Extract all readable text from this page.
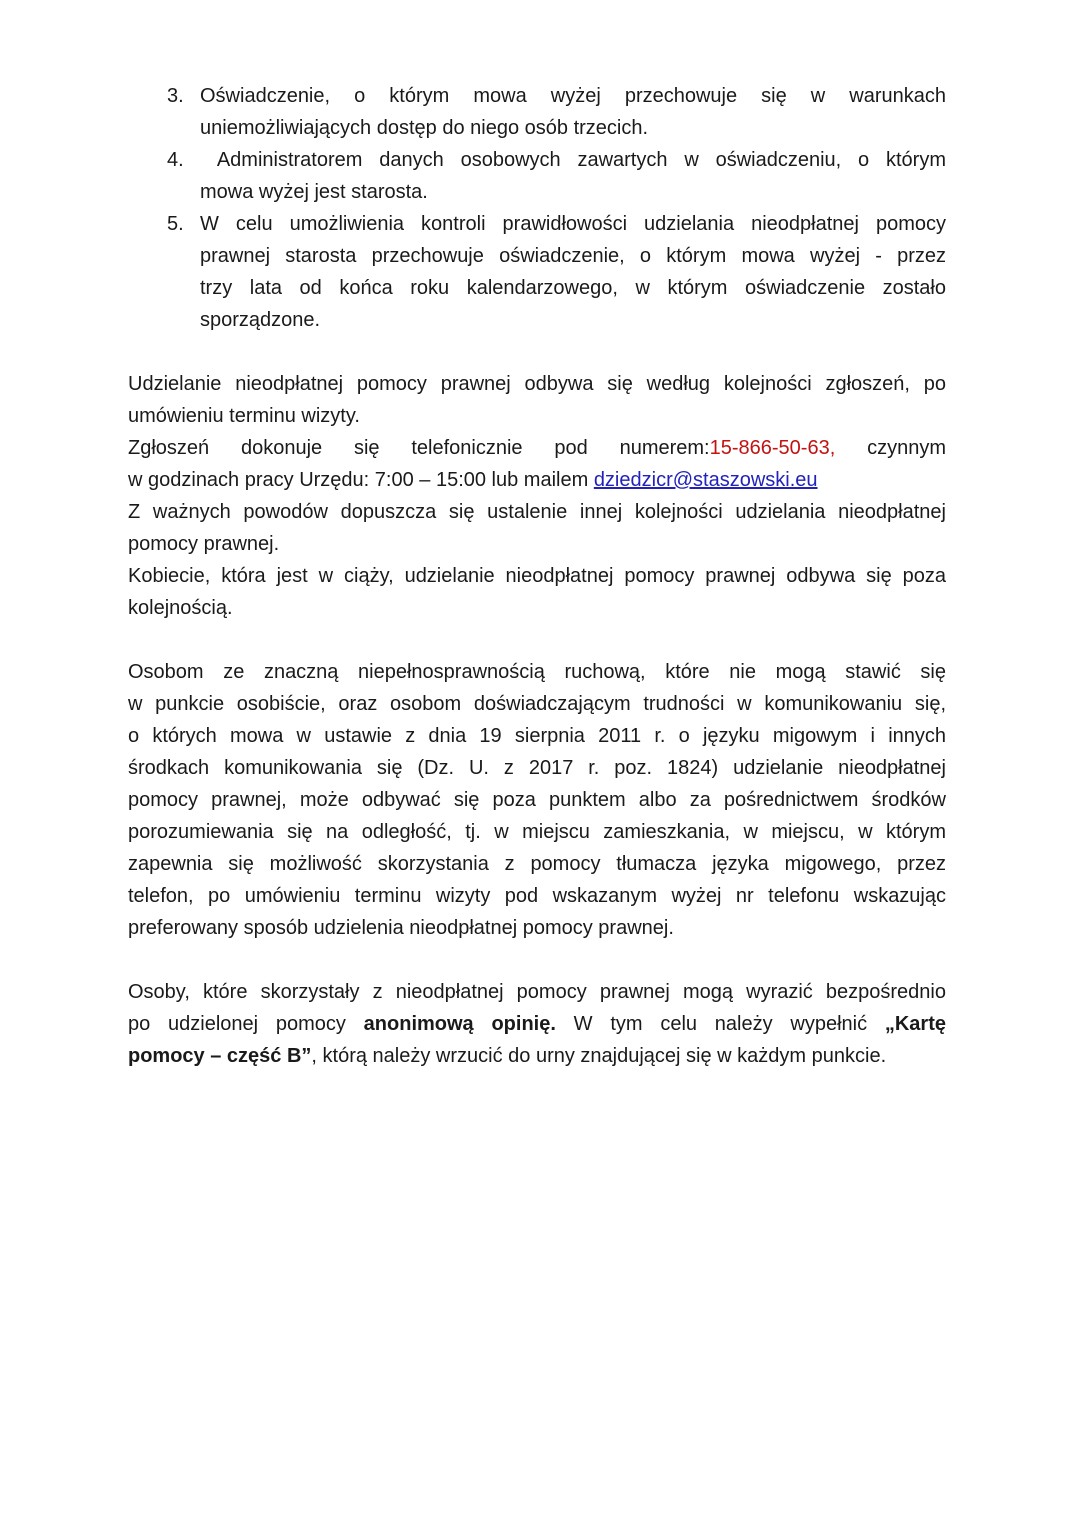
Oświadczenie, o którym mowa wyżej przechowuje się w warunkach
3.
uniemożliwiających dostęp do niego osób trzecich.
Administratorem danych osobowych zawartych w oświadczeniu, o którym
4.
mowa wyżej jest starosta.
W celu umożliwienia kontroli prawidłowości udzielania nieodpłatnej pomocy
5.
prawnej starosta przechowuje oświadczenie, o którym mowa wyżej - przez
trzy lata od końca roku kalendarzowego, w którym oświadczenie zostało
sporządzone.
Udzielanie nieodpłatnej pomocy prawnej odbywa się według kolejności zgłoszeń, po
umówieniu terminu wizyty.
Zgłoszeń dokonuje się telefonicznie pod numerem:15-866-50-63, czynnym
w godzinach pracy Urzędu: 7:00 – 15:00 lub mailem dziedzicr@staszowski.eu
Z ważnych powodów dopuszcza się ustalenie innej kolejności udzielania nieodpłatnej
pomocy prawnej.
Kobiecie, która jest w ciąży, udzielanie nieodpłatnej pomocy prawnej odbywa się poza
kolejnością.
Osobom ze znaczną niepełnosprawnością ruchową, które nie mogą stawić się
w punkcie osobiście, oraz osobom doświadczającym trudności w komunikowaniu się,
o których mowa w ustawie z dnia 19 sierpnia 2011 r. o języku migowym i innych
środkach komunikowania się (Dz. U. z 2017 r. poz. 1824) udzielanie nieodpłatnej
pomocy prawnej, może odbywać się poza punktem albo za pośrednictwem środków
porozumiewania się na odległość, tj. w miejscu zamieszkania, w miejscu, w którym
zapewnia się możliwość skorzystania z pomocy tłumacza języka migowego, przez
telefon, po umówieniu terminu wizyty pod wskazanym wyżej nr telefonu wskazując
preferowany sposób udzielenia nieodpłatnej pomocy prawnej.
Osoby, które skorzystały z nieodpłatnej pomocy prawnej mogą wyrazić bezpośrednio
po udzielonej pomocy anonimową opinię. W tym celu należy wypełnić „Kartę
pomocy – część B”, którą należy wrzucić do urny znajdującej się w każdym punkcie.
